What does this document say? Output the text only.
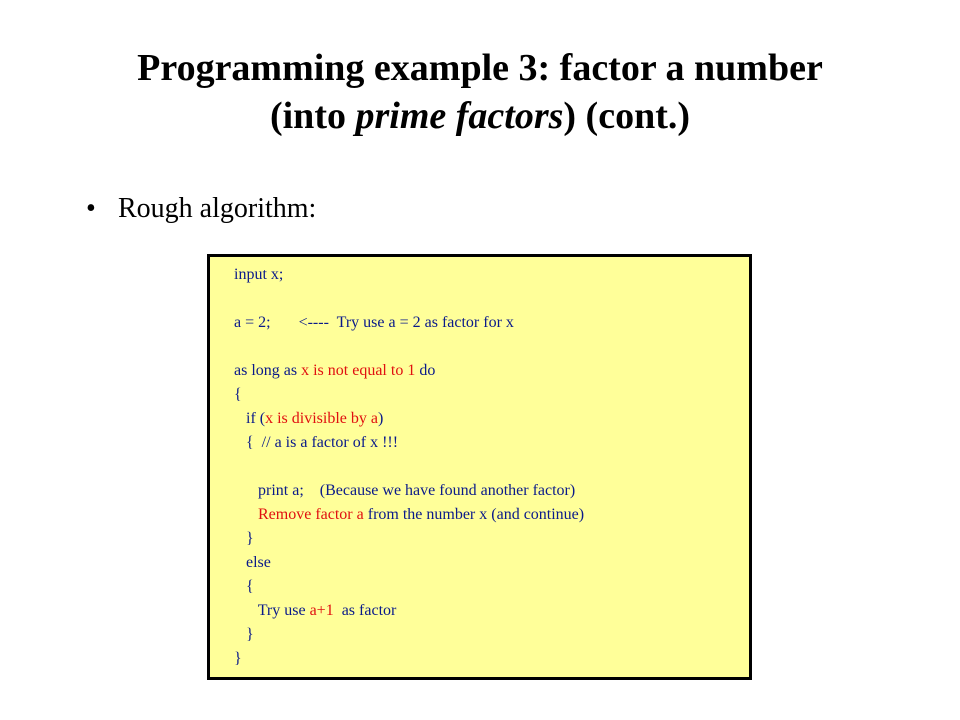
Programming example 3: factor a number
(into prime factors) (cont.)
• Rough algorithm:
input x;

a = 2;       <----  Try use a = 2 as factor for x

as long as x is not equal to 1 do
{
if (x is divisible by a)
{  // a is a factor of x !!!

print a;    (Because we have found another factor)
Remove factor a from the number x (and continue)
}
else
{
Try use a+1  as factor
}
}
